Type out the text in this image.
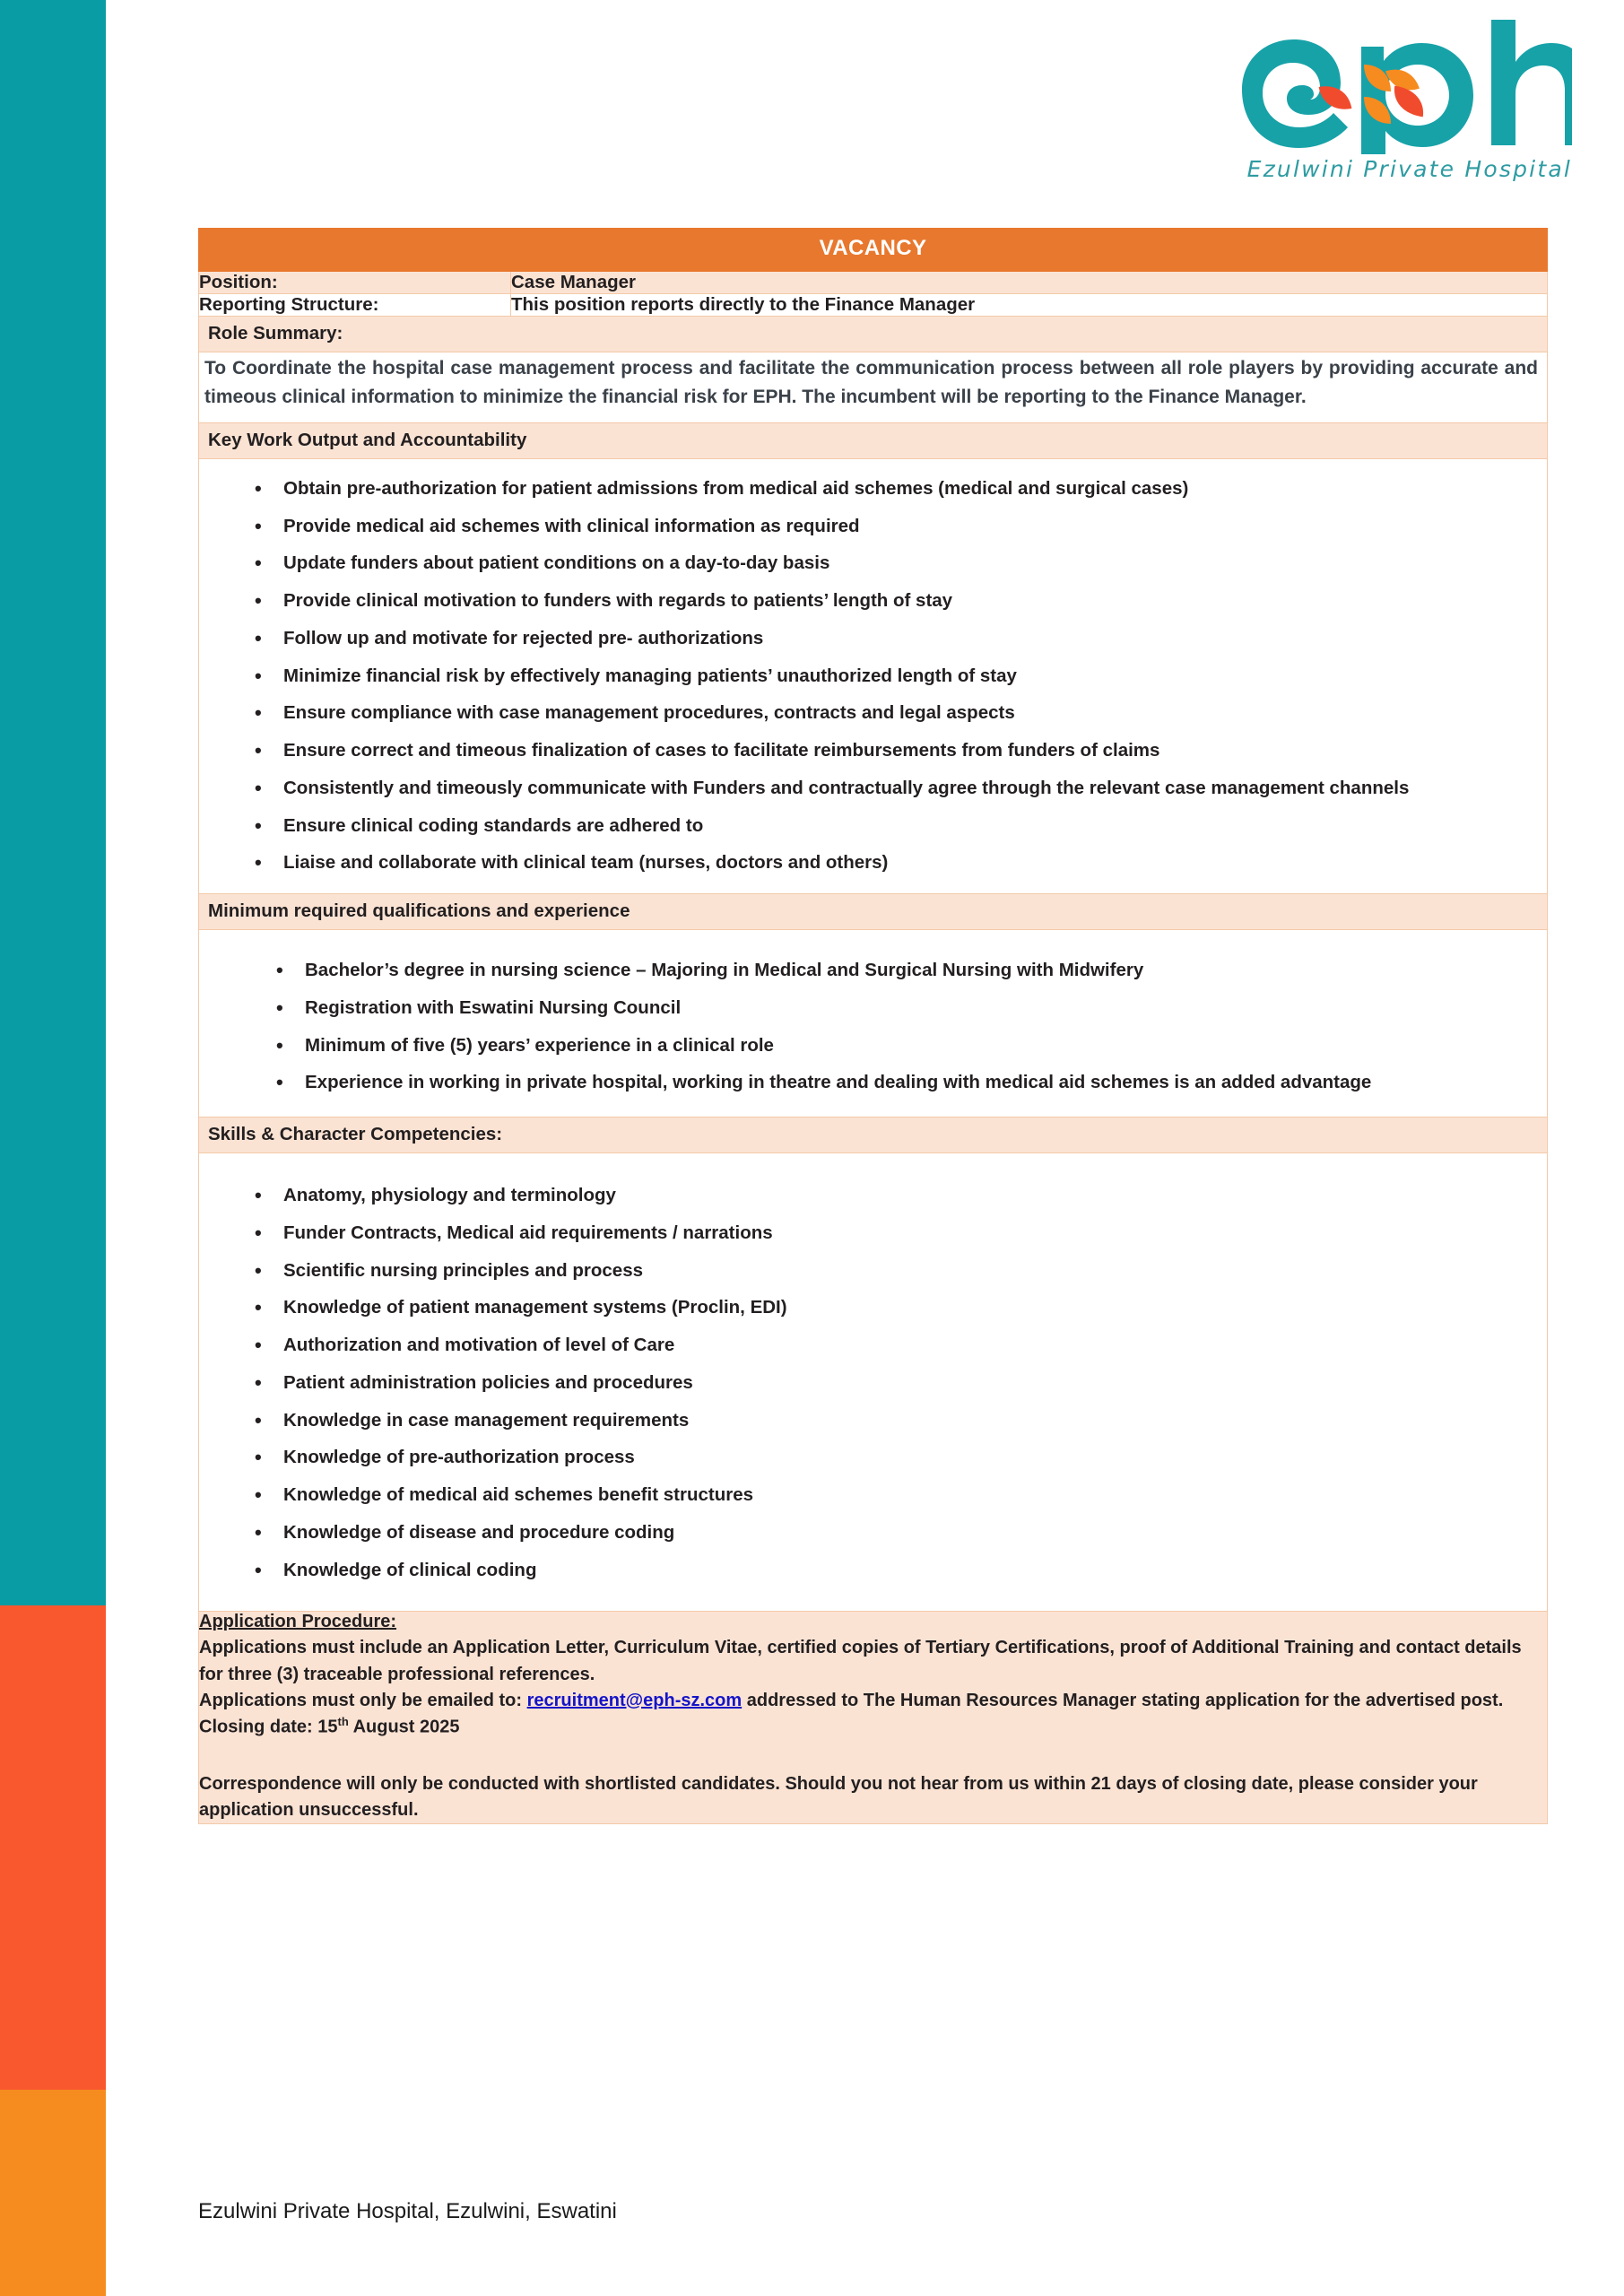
Ezulwini Private Hospital
VACANCY	
Position:	Case Manager
Reporting Structure:	This position reports directly to the Finance Manager
Role Summary:	

To Coordinate the hospital case management process and facilitate the communication process between all role players by providing accurate and timeous clinical information to minimize the financial risk for EPH. The incumbent will be reporting to the Finance Manager.	

Key Work Output and Accountability	

• Obtain pre-authorization for patient admissions from medical aid schemes (medical and surgical cases)
• Provide medical aid schemes with clinical information as required
• Update funders about patient conditions on a day-to-day basis
• Provide clinical motivation to funders with regards to patients’ length of stay
• Follow up and motivate for rejected pre- authorizations
• Minimize financial risk by effectively managing patients’ unauthorized length of stay
• Ensure compliance with case management procedures, contracts and legal aspects
• Ensure correct and timeous finalization of cases to facilitate reimbursements from funders of claims
• Consistently and timeously communicate with Funders and contractually agree through the relevant case management channels
• Ensure clinical coding standards are adhered to
• Liaise and collaborate with clinical team (nurses, doctors and others)

Minimum required qualifications and experience	

• Bachelor’s degree in nursing science – Majoring in Medical and Surgical Nursing with Midwifery
• Registration with Eswatini Nursing Council
• Minimum of five (5) years’ experience in a clinical role
• Experience in working in private hospital, working in theatre and dealing with medical aid schemes is an added advantage

Skills & Character Competencies:	

• Anatomy, physiology and terminology
• Funder Contracts, Medical aid requirements / narrations
• Scientific nursing principles and process
• Knowledge of patient management systems (Proclin, EDI)
• Authorization and motivation of level of Care
• Patient administration policies and procedures
• Knowledge in case management requirements
• Knowledge of pre-authorization process
• Knowledge of medical aid schemes benefit structures
• Knowledge of disease and procedure coding
• Knowledge of clinical coding

Application Procedure:
Applications must include an Application Letter, Curriculum Vitae, certified copies of Tertiary Certifications, proof of Additional Training and contact details for three (3) traceable professional references.
Applications must only be emailed to: recruitment@eph-sz.com addressed to The Human Resources Manager stating application for the advertised post. Closing date: 15th August 2025
Correspondence will only be conducted with shortlisted candidates. Should you not hear from us within 21 days of closing date, please consider your application unsuccessful.	
Ezulwini Private Hospital, Ezulwini, Eswatini
